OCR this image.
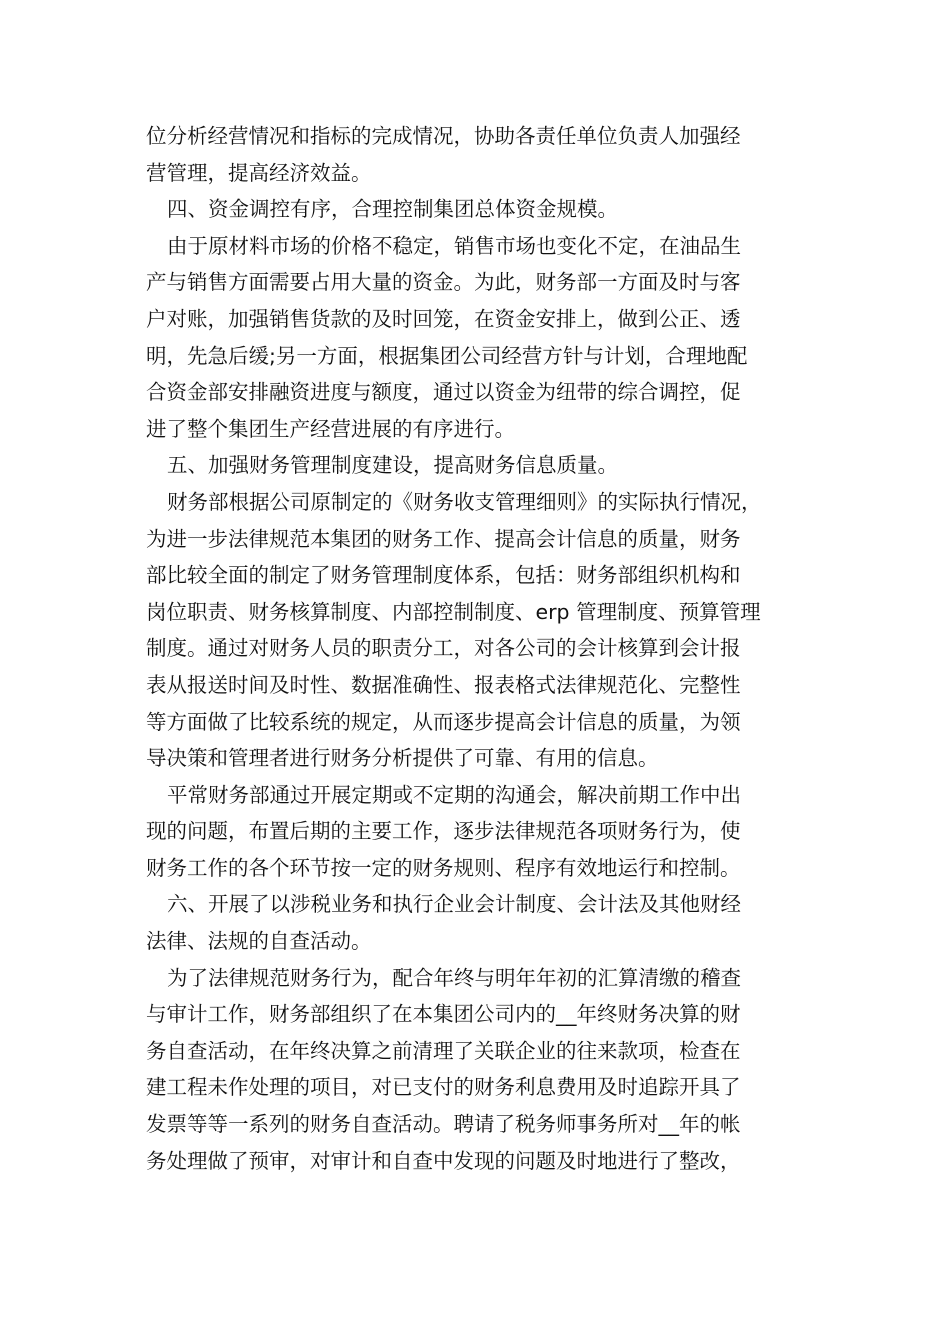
位分析经营情况和指标的完成情况，协助各责任单位负责人加强经
营管理，提高经济效益。
四、资金调控有序，合理控制集团总体资金规模。
由于原材料市场的价格不稳定，销售市场也变化不定，在油品生
产与销售方面需要占用大量的资金。为此，财务部一方面及时与客
户对账，加强销售货款的及时回笼，在资金安排上，做到公正、透
明，先急后缓;另一方面，根据集团公司经营方针与计划，合理地配
合资金部安排融资进度与额度，通过以资金为纽带的综合调控，促
进了整个集团生产经营进展的有序进行。
五、加强财务管理制度建设，提高财务信息质量。
财务部根据公司原制定的《财务收支管理细则》的实际执行情况，
为进一步法律规范本集团的财务工作、提高会计信息的质量，财务
部比较全面的制定了财务管理制度体系，包括：财务部组织机构和
岗位职责、财务核算制度、内部控制制度、erp 管理制度、预算管理
制度。通过对财务人员的职责分工，对各公司的会计核算到会计报
表从报送时间及时性、数据准确性、报表格式法律规范化、完整性
等方面做了比较系统的规定，从而逐步提高会计信息的质量，为领
导决策和管理者进行财务分析提供了可靠、有用的信息。
平常财务部通过开展定期或不定期的沟通会，解决前期工作中出
现的问题，布置后期的主要工作，逐步法律规范各项财务行为，使
财务工作的各个环节按一定的财务规则、程序有效地运行和控制。
六、开展了以涉税业务和执行企业会计制度、会计法及其他财经
法律、法规的自查活动。
为了法律规范财务行为，配合年终与明年年初的汇算清缴的稽查
与审计工作，财务部组织了在本集团公司内的__年终财务决算的财
务自查活动，在年终决算之前清理了关联企业的往来款项，检查在
建工程未作处理的项目，对已支付的财务利息费用及时追踪开具了
发票等等一系列的财务自查活动。聘请了税务师事务所对__年的帐
务处理做了预审，对审计和自查中发现的问题及时地进行了整改，
